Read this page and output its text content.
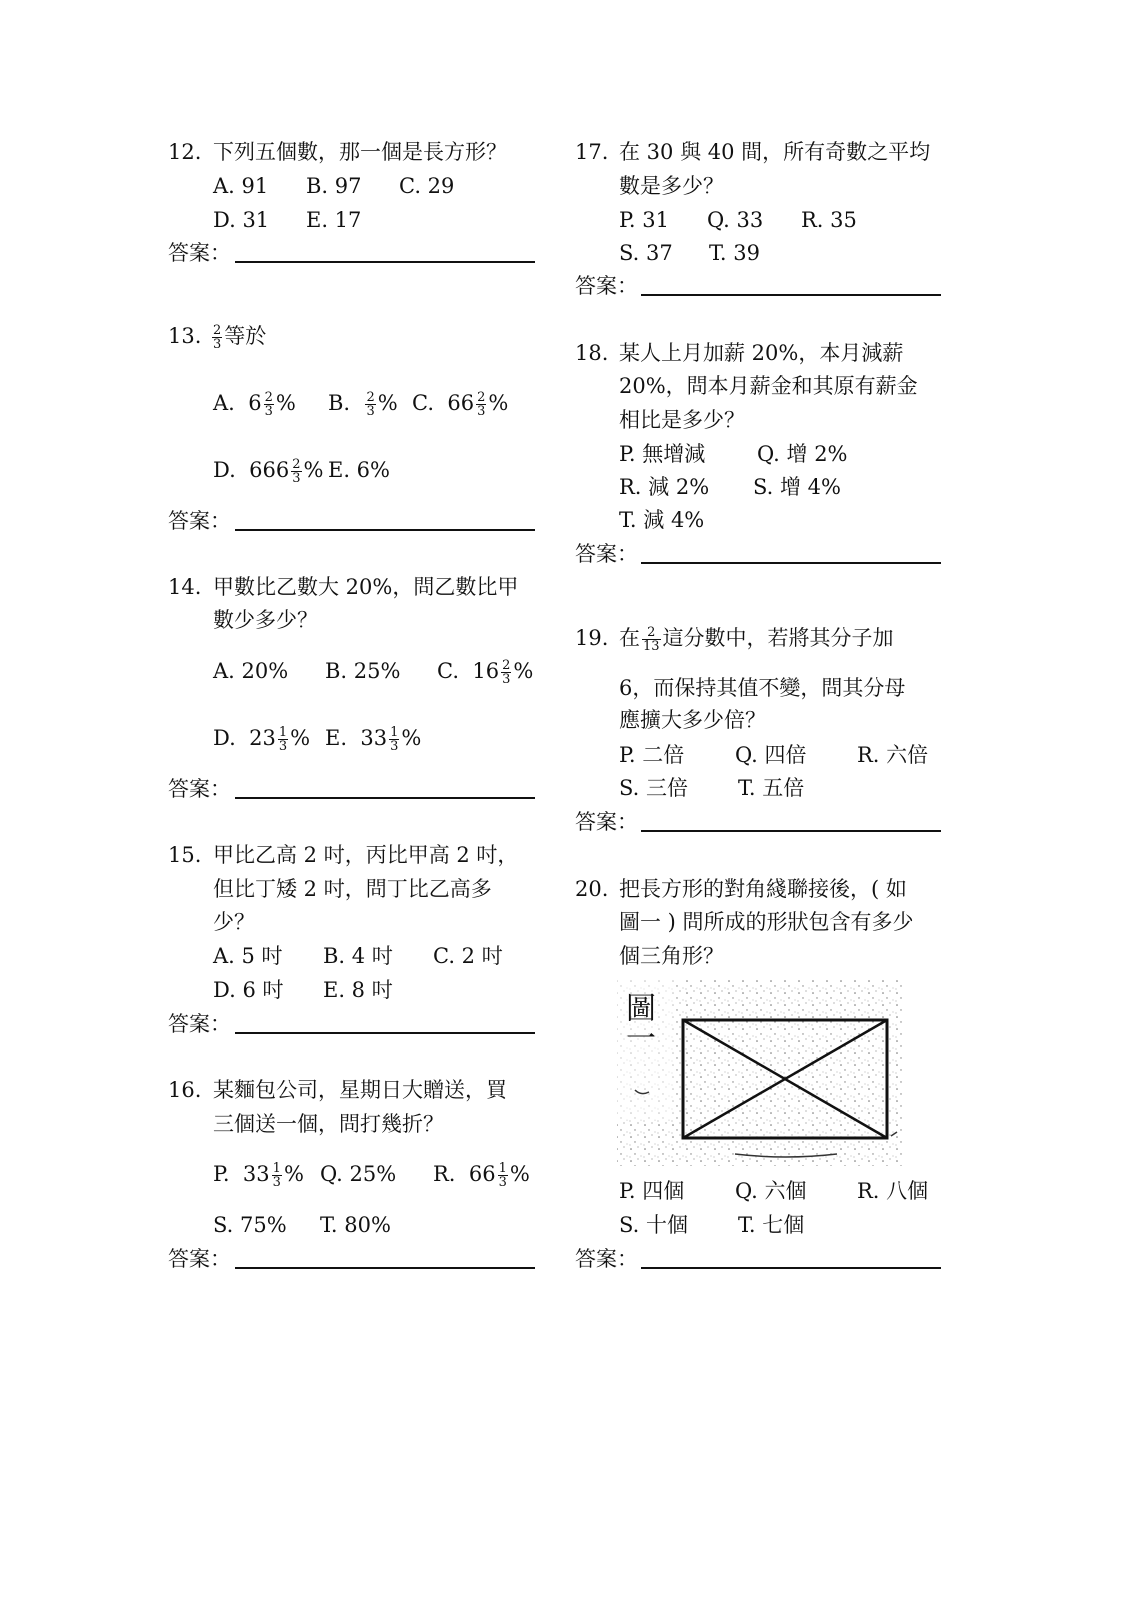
12. 下列五個數，那一個是長方形？
A. 91 B. 97 C. 29
D. 31 E. 17
答案：
13. $\frac{2}{3}$ 等於
A. $6 \frac{2}{3}$ % B. $\frac{2}{3}$ % C. $66 \frac{2}{3}$ %
D. $666 \frac{2}{3}$ % E. 6%
答案：
14. 甲數比乙數大 20%，問乙數比甲
數少多少？
A. 20% B. 25% C. $16 \frac{2}{3}$ %
D. $23 \frac{1}{3}$ % E. $33 \frac{1}{3}$ %
答案：
15. 甲比乙高 2 吋，丙比甲高 2 吋，
但比丁矮 2 吋，問丁比乙高多
少？
A. 5 吋 B. 4 吋 C. 2 吋
D. 6 吋 E. 8 吋
答案：
16. 某麵包公司，星期日大贈送，買
三個送一個，問打幾折？
P. $33 \frac{1}{3}$ % Q. 25% R. $66 \frac{1}{3}$ %
S. 75% T. 80%
答案：
17. 在 30 與 40 間，所有奇數之平均
數是多少？
P. 31 Q. 33 R. 35
S. 37 T. 39
答案：
18. 某人上月加薪 20%，本月減薪
20%，問本月薪金和其原有薪金
相比是多少？
P. 無增減 Q. 增 2%
R. 減 2% S. 增 4%
T. 減 4%
答案：
19. 在 $\frac{2}{13}$ 這分數中，若將其分子加
6，而保持其值不變，問其分母
應擴大多少倍？
P. 二倍 Q. 四倍 R. 六倍
S. 三倍 T. 五倍
答案：
20. 把長方形的對角綫聯接後，( 如
圖一 ) 問所成的形狀包含有多少
個三角形？
圖一
P. 四個 Q. 六個 R. 八個
S. 十個 T. 七個
答案：
